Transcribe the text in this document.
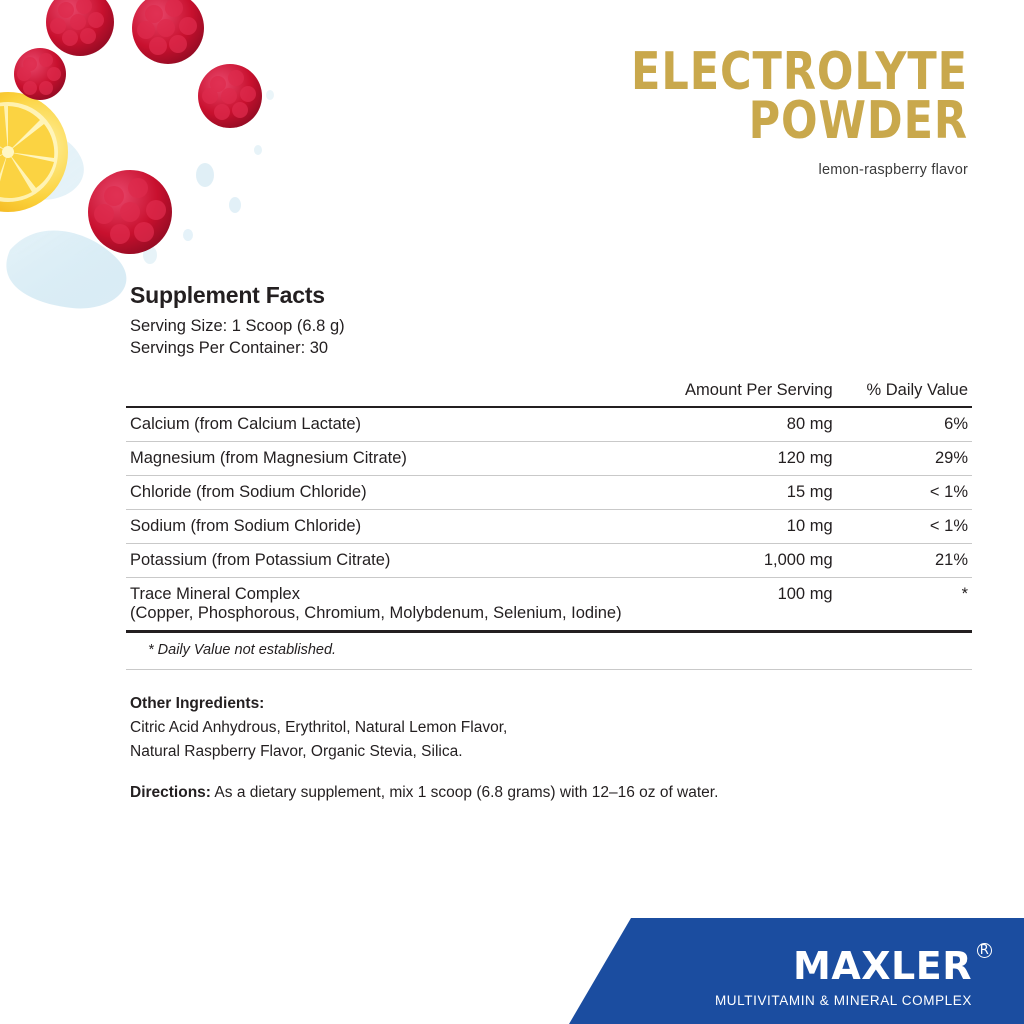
ELECTROLYTE
POWDER
lemon-raspberry flavor
Supplement Facts
Serving Size: 1 Scoop (6.8 g)
Servings Per Container: 30
	Amount Per Serving	% Daily Value
Calcium (from Calcium Lactate)	80 mg	6%
Magnesium (from Magnesium Citrate)	120 mg	29%
Chloride (from Sodium Chloride)	15 mg	< 1%
Sodium (from Sodium Chloride)	10 mg	< 1%
Potassium (from Potassium Citrate)	1,000 mg	21%

Trace Mineral Complex
(Copper, Phosphorous, Chromium, Molybdenum, Selenium, Iodine)	100 mg	*
* Daily Value not established.
Other Ingredients:
Citric Acid Anhydrous, Erythritol, Natural Lemon Flavor,
Natural Raspberry Flavor, Organic Stevia, Silica.
Directions: As a dietary supplement, mix 1 scoop (6.8 grams) with 12–16 oz of water.
MAXLER R
MULTIVITAMIN & MINERAL COMPLEX
